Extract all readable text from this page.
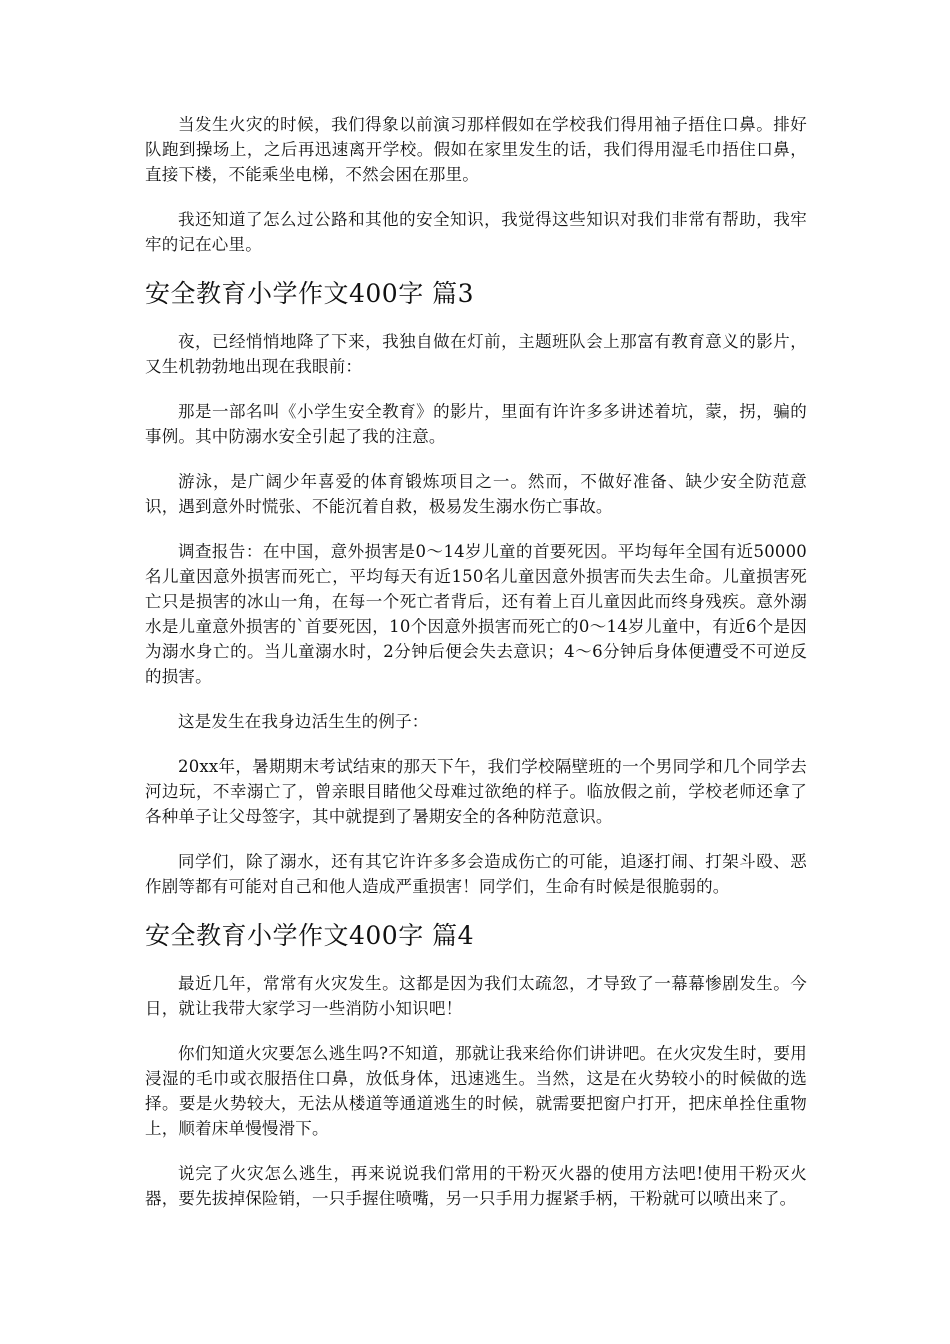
当发生火灾的时候，我们得象以前演习那样假如在学校我们得用袖子捂住口鼻。排好队跑到操场上，之后再迅速离开学校。假如在家里发生的话，我们得用湿毛巾捂住口鼻，直接下楼，不能乘坐电梯，不然会困在那里。

我还知道了怎么过公路和其他的安全知识，我觉得这些知识对我们非常有帮助，我牢牢的记在心里。

安全教育小学作文400字 篇3

夜，已经悄悄地降了下来，我独自做在灯前，主题班队会上那富有教育意义的影片，又生机勃勃地出现在我眼前：

那是一部名叫《小学生安全教育》的影片，里面有许许多多讲述着坑，蒙，拐，骗的事例。其中防溺水安全引起了我的注意。

游泳，是广阔少年喜爱的体育锻炼项目之一。然而，不做好准备、缺少安全防范意识，遇到意外时慌张、不能沉着自救，极易发生溺水伤亡事故。

调查报告：在中国，意外损害是0～14岁儿童的首要死因。平均每年全国有近50000名儿童因意外损害而死亡，平均每天有近150名儿童因意外损害而失去生命。儿童损害死亡只是损害的冰山一角，在每一个死亡者背后，还有着上百儿童因此而终身残疾。意外溺水是儿童意外损害的`首要死因，10个因意外损害而死亡的0～14岁儿童中，有近6个是因为溺水身亡的。当儿童溺水时，2分钟后便会失去意识；4～6分钟后身体便遭受不可逆反的损害。

这是发生在我身边活生生的例子：

20xx年，暑期期末考试结束的那天下午，我们学校隔壁班的一个男同学和几个同学去河边玩，不幸溺亡了，曾亲眼目睹他父母难过欲绝的样子。临放假之前，学校老师还拿了各种单子让父母签字，其中就提到了暑期安全的各种防范意识。

同学们，除了溺水，还有其它许许多多会造成伤亡的可能，追逐打闹、打架斗殴、恶作剧等都有可能对自己和他人造成严重损害！同学们，生命有时候是很脆弱的。

安全教育小学作文400字 篇4

最近几年，常常有火灾发生。这都是因为我们太疏忽，才导致了一幕幕惨剧发生。今日，就让我带大家学习一些消防小知识吧！

你们知道火灾要怎么逃生吗?不知道，那就让我来给你们讲讲吧。在火灾发生时，要用浸湿的毛巾或衣服捂住口鼻，放低身体，迅速逃生。当然，这是在火势较小的时候做的选择。要是火势较大，无法从楼道等通道逃生的时候，就需要把窗户打开，把床单拴住重物上，顺着床单慢慢滑下。

说完了火灾怎么逃生，再来说说我们常用的干粉灭火器的使用方法吧!使用干粉灭火器，要先拔掉保险销，一只手握住喷嘴，另一只手用力握紧手柄，干粉就可以喷出来了。
